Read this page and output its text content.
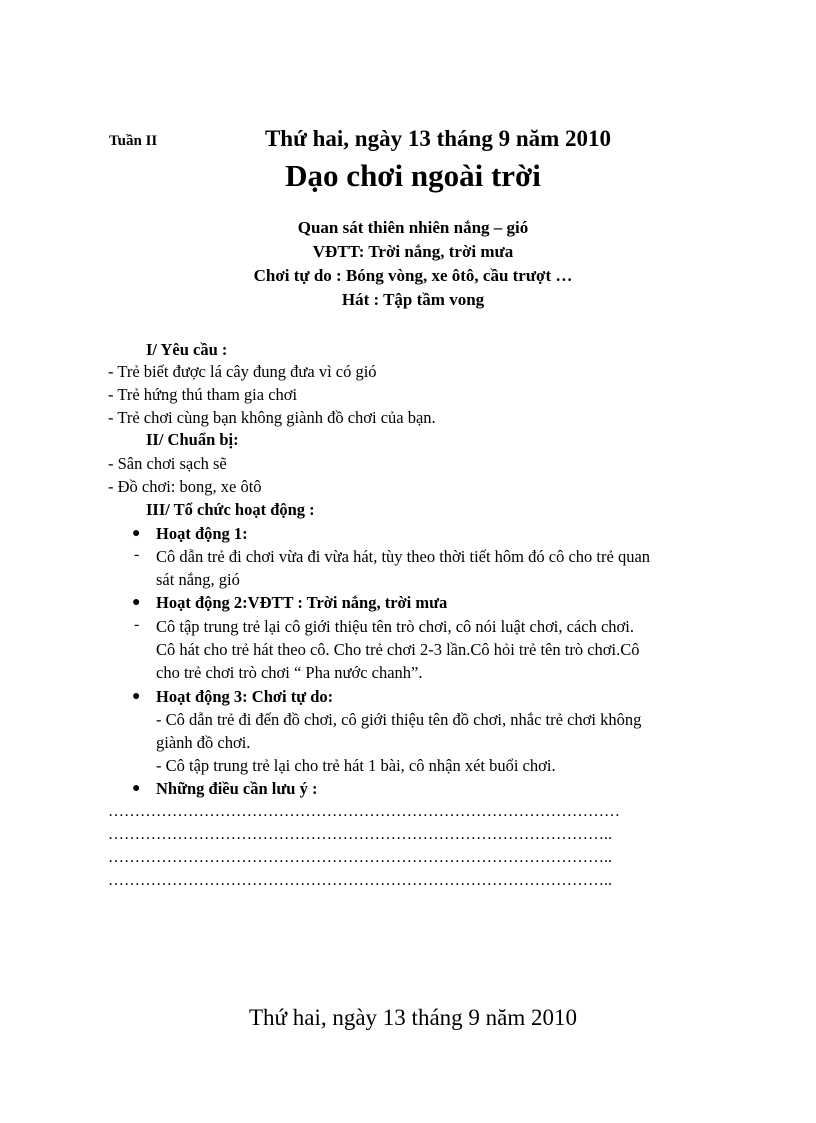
Tuần II	Thứ hai, ngày 13 tháng 9 năm 2010
Dạo chơi ngoài trời
Quan sát thiên nhiên nắng – gió
VĐTT: Trời nắng, trời mưa
Chơi tự do : Bóng vòng, xe ôtô, cầu trượt …
Hát : Tập tầm vong
I/ Yêu cầu :
- Trẻ biết được lá cây đung đưa vì có gió
- Trẻ hứng thú tham gia chơi
- Trẻ chơi cùng bạn không giành đồ chơi của bạn.
II/ Chuẩn bị:
- Sân chơi sạch sẽ
- Đồ chơi: bong, xe ôtô
III/ Tổ chức hoạt động :
● Hoạt động 1:
- Cô dẫn trẻ đi chơi vừa đi vừa hát, tùy theo thời tiết hôm đó cô cho trẻ quan
sát nắng, gió
● Hoạt động 2:VĐTT : Trời nắng, trời mưa
- Cô tập trung trẻ lại cô giới thiệu tên trò chơi, cô nói luật chơi, cách chơi.
Cô hát cho trẻ hát theo cô. Cho trẻ chơi 2-3 lần.Cô hỏi trẻ tên trò chơi.Cô
cho trẻ chơi trò chơi “ Pha nước chanh”.
● Hoạt động 3: Chơi tự do:
- Cô dẫn trẻ đi đến đồ chơi, cô giới thiệu tên đồ chơi, nhắc trẻ chơi không
giành đồ chơi.
- Cô tập trung trẻ lại cho trẻ hát 1 bài, cô nhận xét buổi chơi.
● Những điều cần lưu ý :
……………………………………………………………………………………
…………………………………………………………………………………..
…………………………………………………………………………………..
…………………………………………………………………………………..
Thứ hai, ngày 13 tháng 9 năm 2010
